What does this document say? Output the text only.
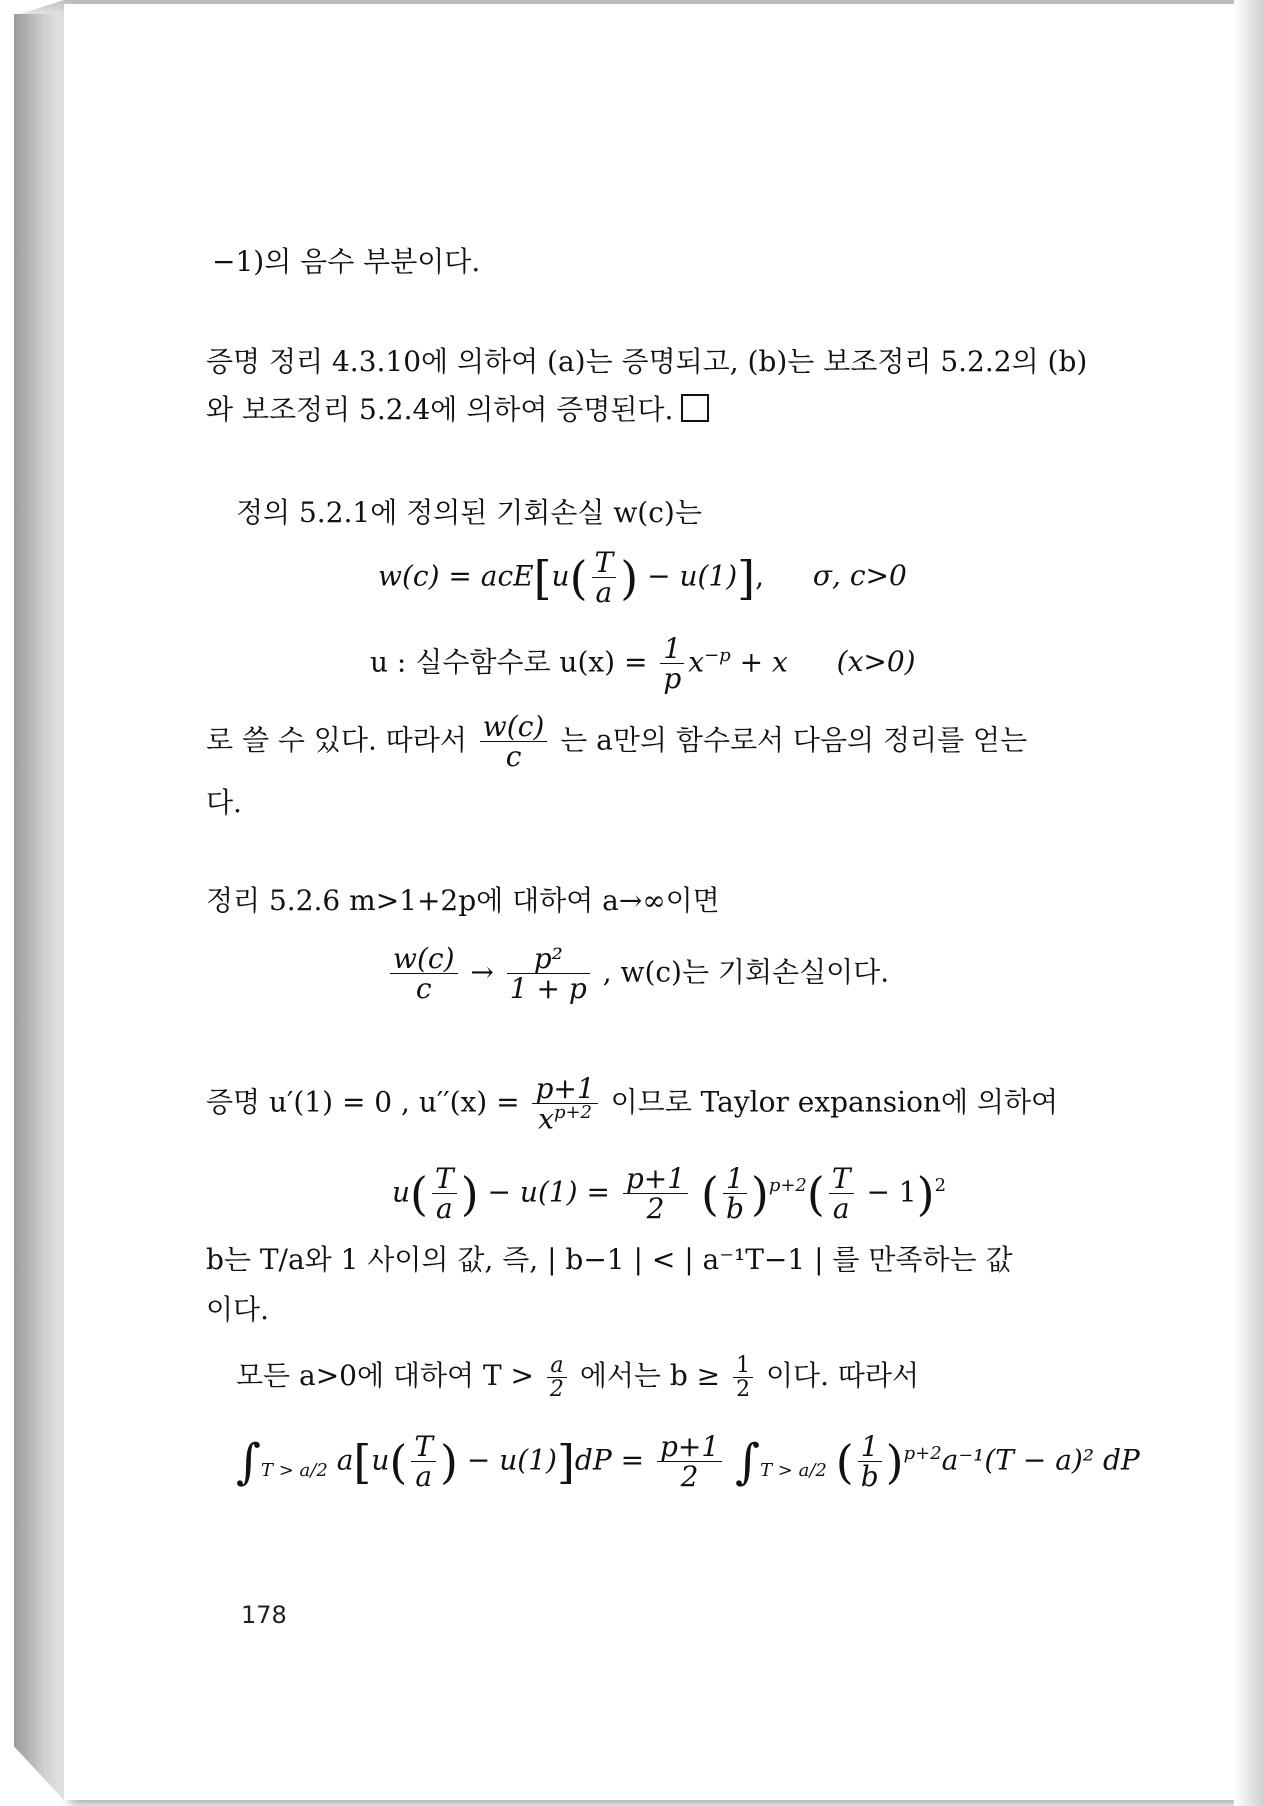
−1)의 음수 부분이다.
증명 정리 4.3.10에 의하여 (a)는 증명되고, (b)는 보조정리 5.2.2의 (b)
와 보조정리 5.2.4에 의하여 증명된다.
정의 5.2.1에 정의된 기회손실 w(c)는
$w(c) = acE[u( \frac{T}{a}$ ) − u(1)], σ, c>0
u : 실수함수로 $u(x) = \frac{1}{p} x^{-p} + x$ (x>0)
로 쓸 수 있다. 따라서 $\frac{w(c)}{c}$ 는 a만의 함수로서 다음의 정리를 얻는
다.
정리 5.2.6 m>1+2p에 대하여 a→∞이면
$\frac{w(c)}{c} \to \frac{\text{p²}}{1 + p}$ , w(c)는 기회손실이다.
증명 u′(1) = 0 , $u''(x) = \frac{p+1}{x^{p+2}}$ 이므로 Taylor expansion에 의하여
$u( \frac{T}{a}$ ) − $u(1) = \frac{p+1}{2}$ ( $\frac{1}{b} )^{p+2}( \frac{T}{a} - 1)^2$
b는 T/a와 1 사이의 값, 즉, | b−1 | < | a⁻¹T−1 | 를 만족하는 값
이다.
모든 a>0에 대하여 $T > \frac{a}{2}$ 에서는 $b \ge \frac{1}{2}$ 이다. 따라서
$\int_{T > a/2}$ $a[u( \frac{T}{a}$ ) − $u(1)]dP = \frac{p+1}{2} \int_{T > a/2}$ ( $\frac{1}{b} )^{p+2}a^{-1}(T - a)^2$ dP
178
